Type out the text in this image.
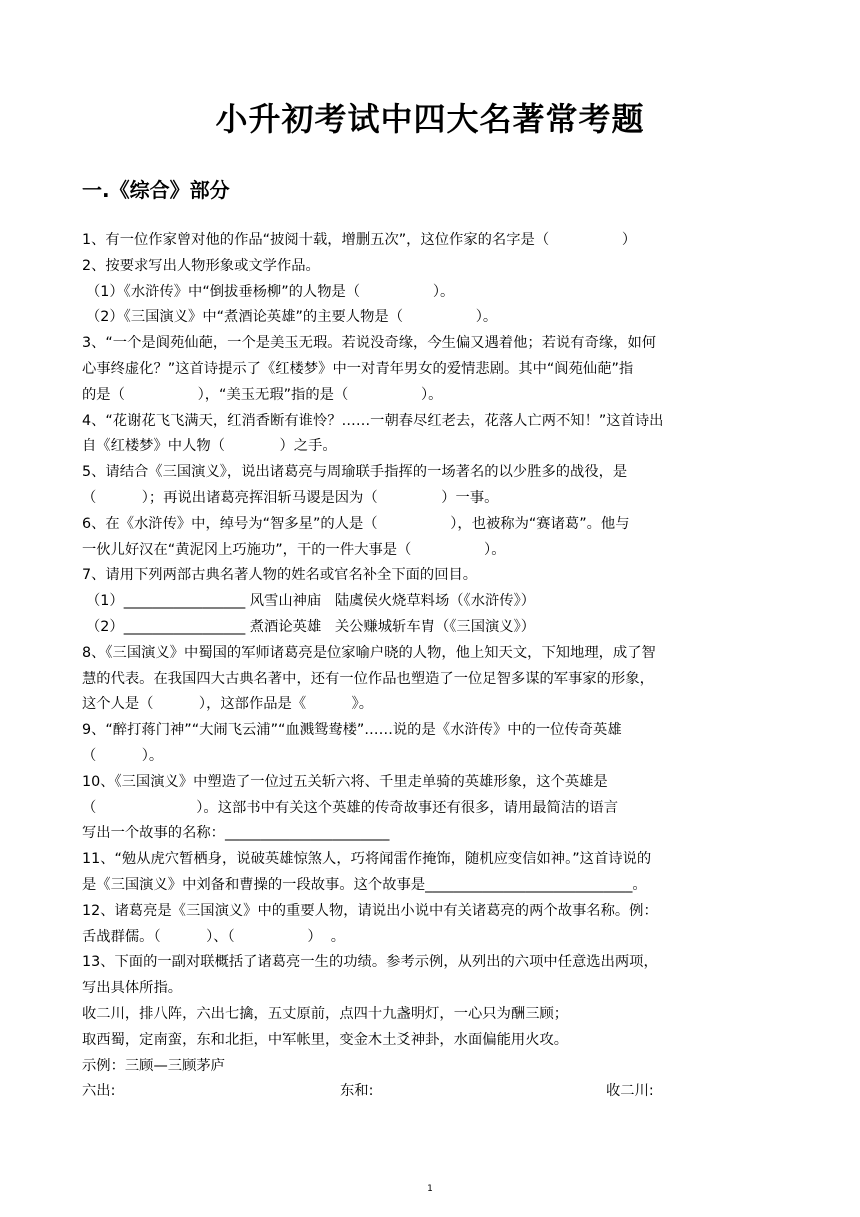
小升初考试中四大名著常考题
一.《综合》部分
1、有一位作家曾对他的作品“披阅十载，增删五次”，这位作家的名字是（                ）
2、按要求写出人物形象或文学作品。
（1）《水浒传》中“倒拔垂杨柳”的人物是（                ）。
（2）《三国演义》中“煮酒论英雄”的主要人物是（                ）。
3、“一个是阆苑仙葩，一个是美玉无瑕。若说没奇缘，今生偏又遇着他；若说有奇缘，如何
心事终虚化？”这首诗提示了《红楼梦》中一对青年男女的爱情悲剧。其中“阆苑仙葩”指
的是（                ），“美玉无瑕”指的是（                ）。
4、“花谢花飞飞满天，红消香断有谁怜？……一朝春尽红老去，花落人亡两不知！”这首诗出
自《红楼梦》中人物（            ）之手。
5、请结合《三国演义》，说出诸葛亮与周瑜联手指挥的一场著名的以少胜多的战役，是
（          ）；再说出诸葛亮挥泪斩马谡是因为（              ）一事。
6、在《水浒传》中，绰号为“智多星”的人是（                ），也被称为“赛诸葛”。他与
一伙儿好汉在“黄泥冈上巧施功”，干的一件大事是（                ）。
7、请用下列两部古典名著人物的姓名或官名补全下面的回目。
（1）_________________ 风雪山神庙   陆虞侯火烧草料场（《水浒传》）
（2）_________________ 煮酒论英雄   关公赚城斩车胄（《三国演义》）
8、《三国演义》中蜀国的军师诸葛亮是位家喻户晓的人物，他上知天文，下知地理，成了智
慧的代表。在我国四大古典名著中，还有一位作品也塑造了一位足智多谋的军事家的形象，
这个人是（          ），这部作品是《          》。
9、“醉打蒋门神”“大闹飞云浦”“血溅鸳鸯楼”……说的是《水浒传》中的一位传奇英雄
（          ）。
10、《三国演义》中塑造了一位过五关斩六将、千里走单骑的英雄形象，这个英雄是
（                      ）。这部书中有关这个英雄的传奇故事还有很多，请用最简洁的语言
写出一个故事的名称：_______________________
11、“勉从虎穴暂栖身，说破英雄惊煞人，巧将闻雷作掩饰，随机应变信如神。”这首诗说的
是《三国演义》中刘备和曹操的一段故事。这个故事是_____________________________。
12、诸葛亮是《三国演义》中的重要人物，请说出小说中有关诸葛亮的两个故事名称。例：
舌战群儒。（          ）、（                ）  。
13、下面的一副对联概括了诸葛亮一生的功绩。参考示例，从列出的六项中任意选出两项，
写出具体所指。
收二川，排八阵，六出七擒，五丈原前，点四十九盏明灯，一心只为酬三顾；
取西蜀，定南蛮，东和北拒，中军帐里，变金木土爻神卦，水面偏能用火攻。
示例：三顾—三顾茅庐
六出:	东和:	收二川:
1
